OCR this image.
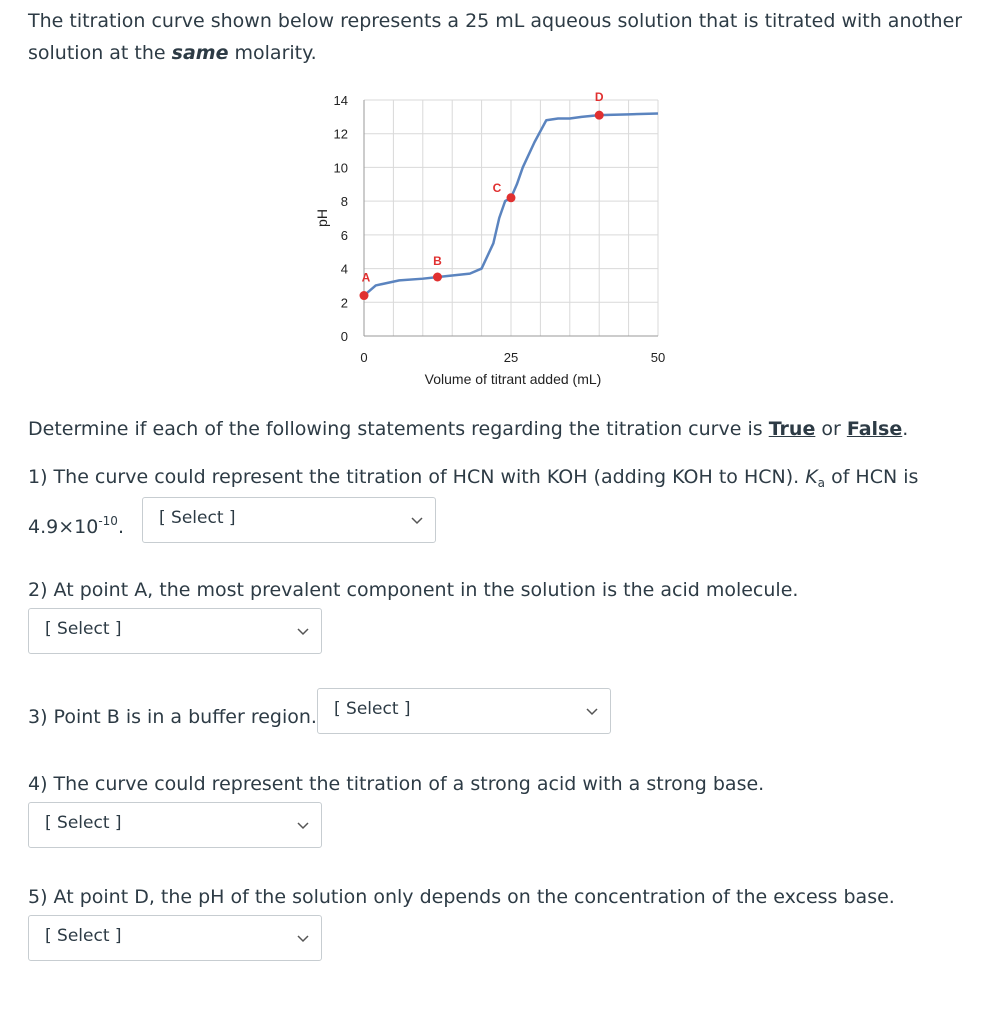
The titration curve shown below represents a 25 mL aqueous solution that is titrated with another
solution at the same molarity.
0
2
4
6
8
10
12
14
0	25	50
Volume of titrant added (mL)
pH
A
B
C
D
Determine if each of the following statements regarding the titration curve is True or False.
1) The curve could represent the titration of HCN with KOH (adding KOH to HCN). $K_a$ of HCN is
$4.9\times 10^{-10}$. [ Select ]
2) At point A, the most prevalent component in the solution is the acid molecule.
[ Select ]
3) Point B is in a buffer region. [ Select ]
4) The curve could represent the titration of a strong acid with a strong base.
[ Select ]
5) At point D, the pH of the solution only depends on the concentration of the excess base.
[ Select ]
